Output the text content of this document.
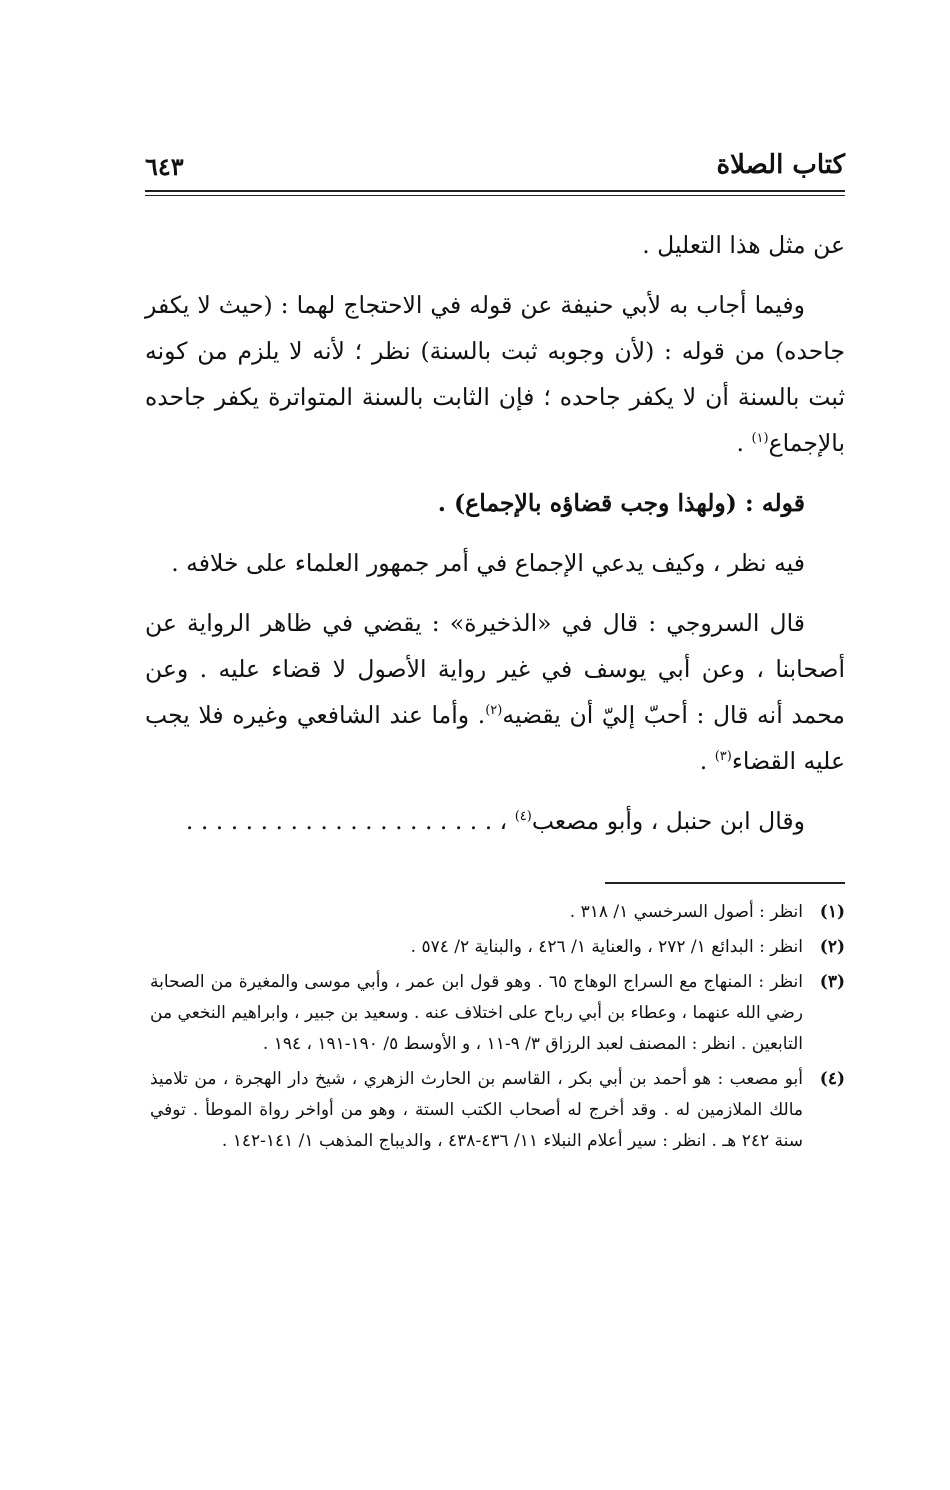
كتاب الصلاة
٦٤٣

عن مثل هذا التعليل .

وفيما أجاب به لأبي حنيفة عن قوله في الاحتجاج لهما : (حيث لا يكفر جاحده) من قوله : (لأن وجوبه ثبت بالسنة) نظر ؛ لأنه لا يلزم من كونه ثبت بالسنة أن لا يكفر جاحده ؛ فإن الثابت بالسنة المتواترة يكفر جاحده بالإجماع$^{(١)}$ .

قوله : (ولهذا وجب قضاؤه بالإجماع) .

فيه نظر ، وكيف يدعي الإجماع في أمر جمهور العلماء على خلافه .

قال السروجي : قال في «الذخيرة» : يقضي في ظاهر الرواية عن أصحابنا ، وعن أبي يوسف في غير رواية الأصول لا قضاء عليه . وعن محمد أنه قال : أحبّ إليّ أن يقضيه$^{(٢)}$. وأما عند الشافعي وغيره فلا يجب عليه القضاء$^{(٣)}$ .

وقال ابن حنبل ، وأبو مصعب$^{(٤)}$ ، . . . . . . . . . . . . . . . . . . . . .

(١)
انظر : أصول السرخسي ١/ ٣١٨ .
(٢)
انظر : البدائع ١/ ٢٧٢ ، والعناية ١/ ٤٢٦ ، والبناية ٢/ ٥٧٤ .
(٣)
انظر : المنهاج مع السراج الوهاج ٦٥ . وهو قول ابن عمر ، وأبي موسى والمغيرة من الصحابة رضي الله عنهما ، وعطاء بن أبي رباح على اختلاف عنه . وسعيد بن جبير ، وابراهيم النخعي من التابعين . انظر : المصنف لعبد الرزاق ٣/ ٩-١١ ، و الأوسط ٥/ ١٩٠-١٩١ ، ١٩٤ .
(٤)
أبو مصعب : هو أحمد بن أبي بكر ، القاسم بن الحارث الزهري ، شيخ دار الهجرة ، من تلاميذ مالك الملازمين له . وقد أخرج له أصحاب الكتب الستة ، وهو من أواخر رواة الموطأ . توفي سنة ٢٤٢ هـ . انظر : سير أعلام النبلاء ١١/ ٤٣٦-٤٣٨ ، والديباج المذهب ١/ ١٤١-١٤٢ .
